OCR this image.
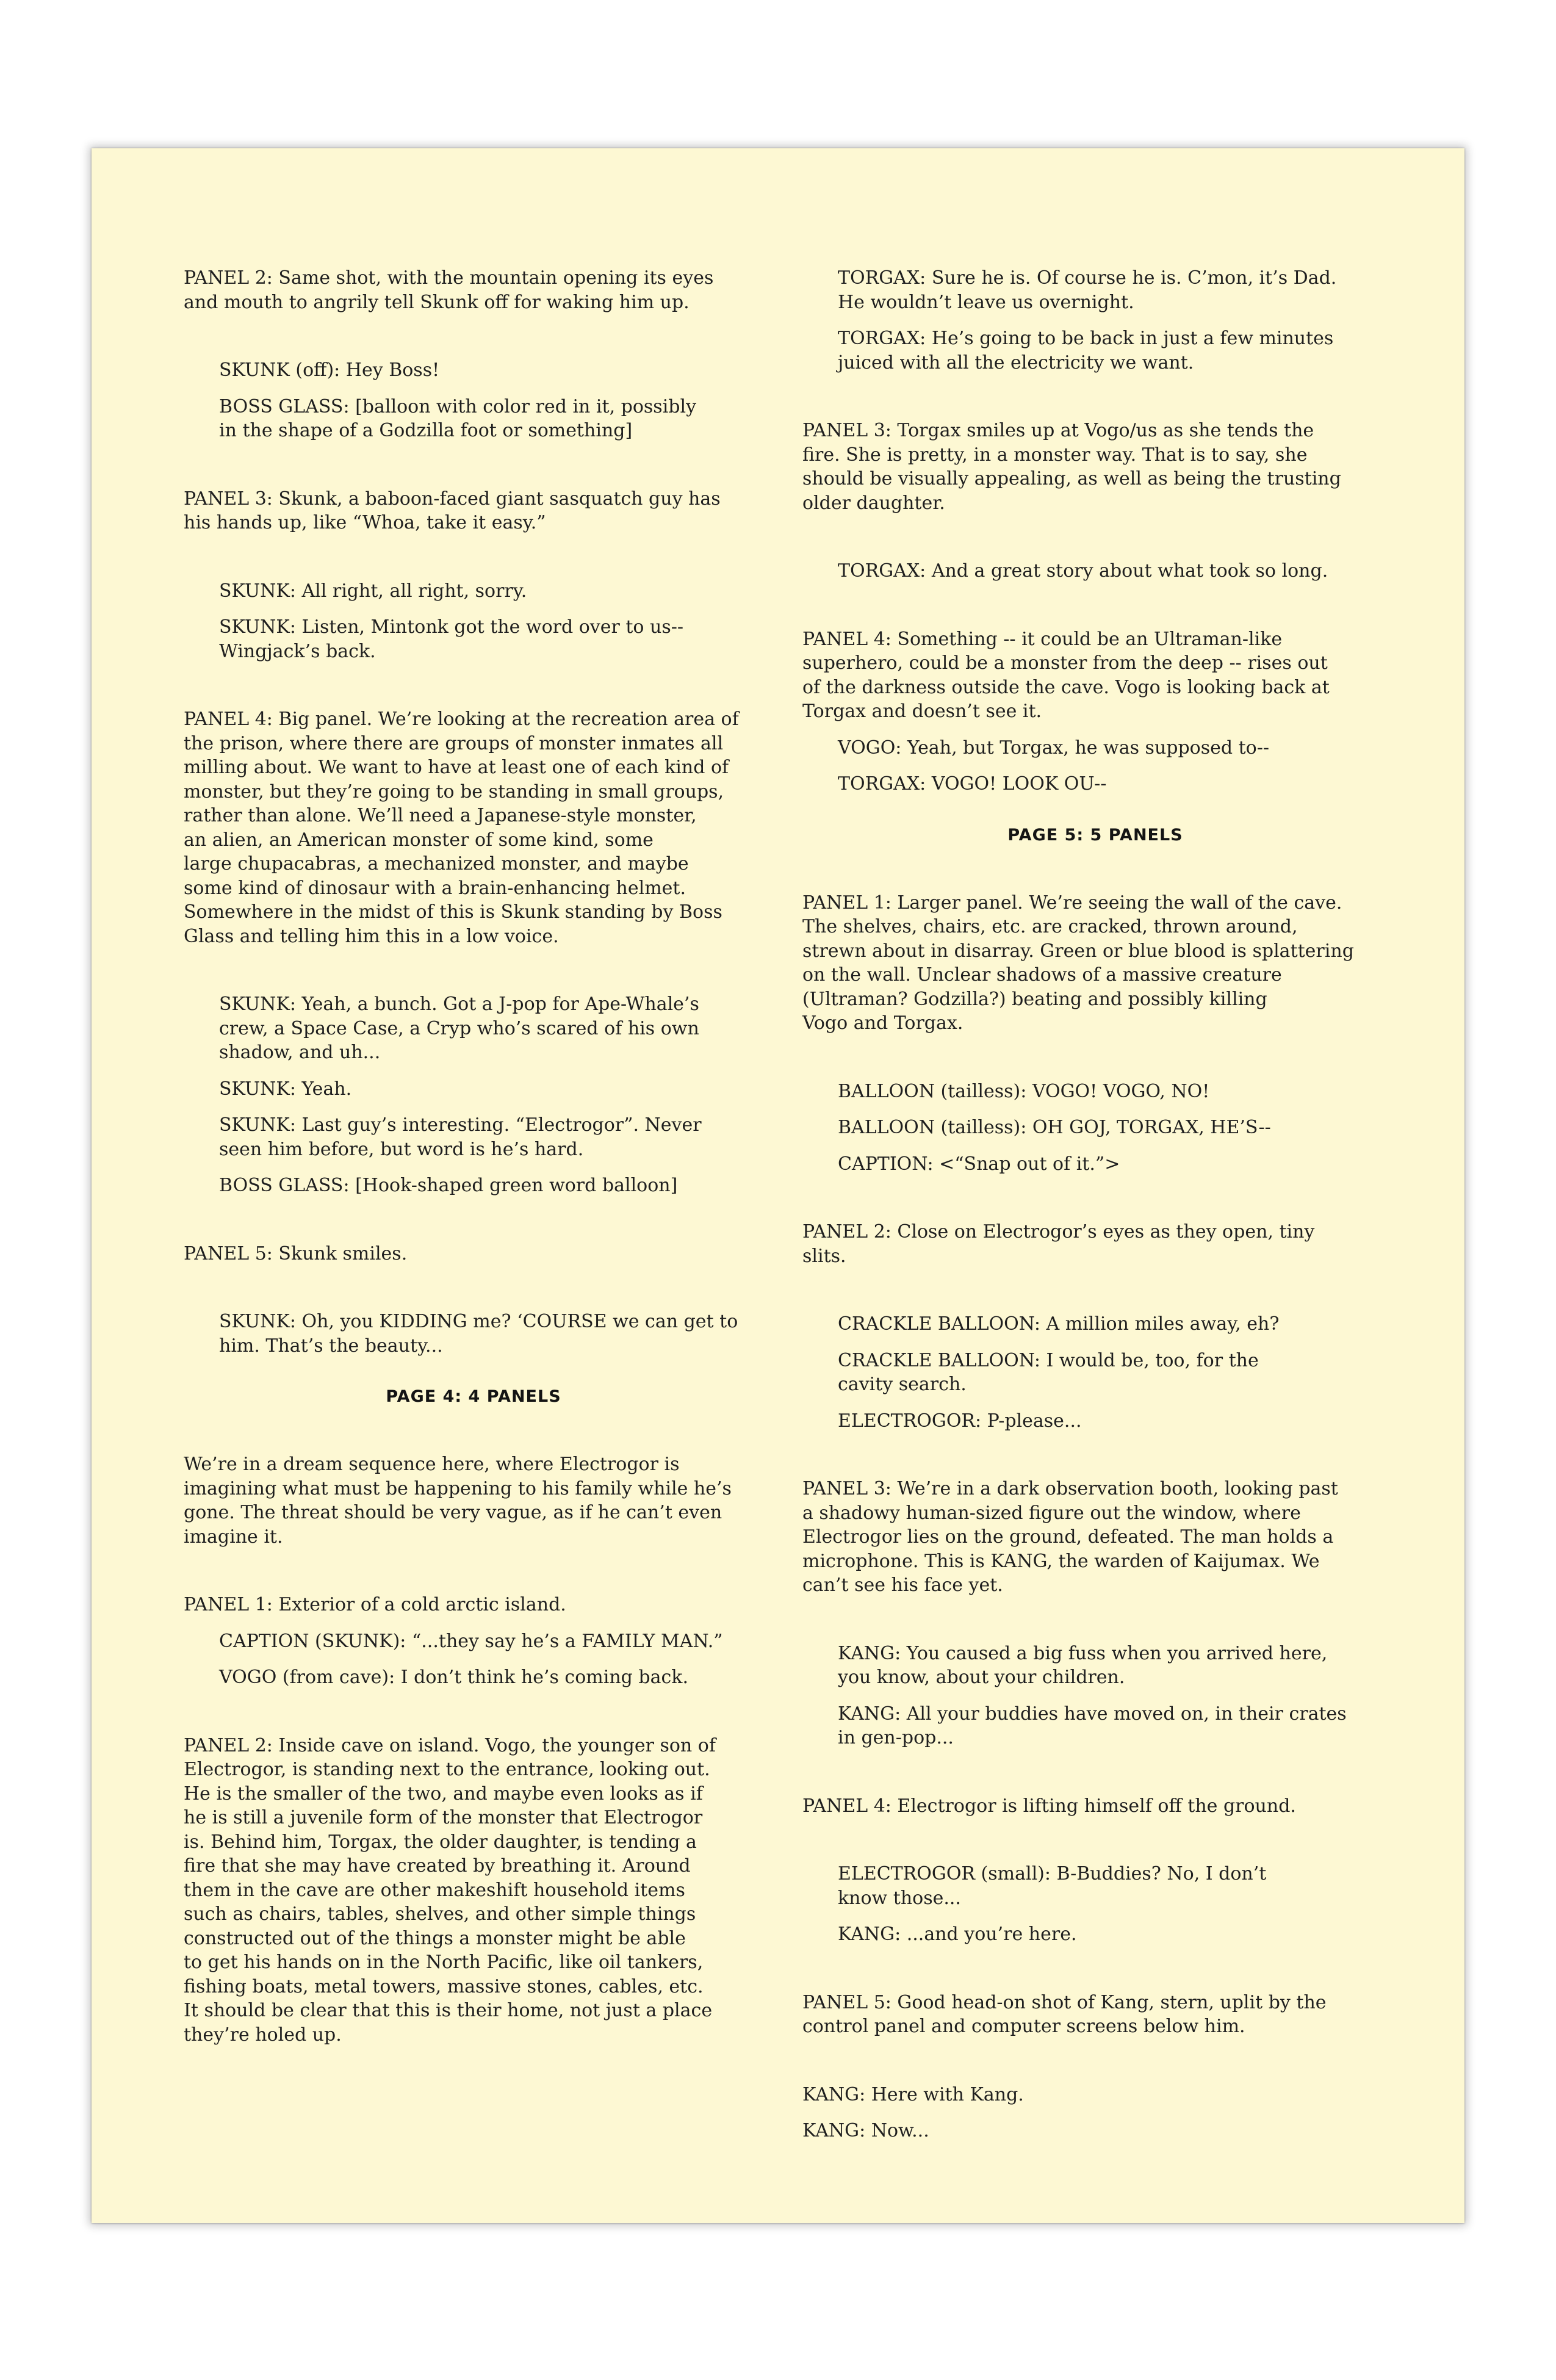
PANEL 2: Same shot, with the mountain opening its eyes
and mouth to angrily tell Skunk off for waking him up.

SKUNK (off): Hey Boss!

BOSS GLASS: [balloon with color red in it, possibly
in the shape of a Godzilla foot or something]

PANEL 3: Skunk, a baboon-faced giant sasquatch guy has
his hands up, like “Whoa, take it easy.”

SKUNK: All right, all right, sorry.

SKUNK: Listen, Mintonk got the word over to us--
Wingjack’s back.

PANEL 4: Big panel. We’re looking at the recreation area of
the prison, where there are groups of monster inmates all
milling about. We want to have at least one of each kind of
monster, but they’re going to be standing in small groups,
rather than alone. We’ll need a Japanese-style monster,
an alien, an American monster of some kind, some
large chupacabras, a mechanized monster, and maybe
some kind of dinosaur with a brain-enhancing helmet.
Somewhere in the midst of this is Skunk standing by Boss
Glass and telling him this in a low voice.

SKUNK: Yeah, a bunch. Got a J-pop for Ape-Whale’s
crew, a Space Case, a Cryp who’s scared of his own
shadow, and uh...

SKUNK: Yeah.

SKUNK: Last guy’s interesting. “Electrogor”. Never
seen him before, but word is he’s hard.

BOSS GLASS: [Hook-shaped green word balloon]

PANEL 5: Skunk smiles.

SKUNK: Oh, you KIDDING me? ‘COURSE we can get to
him. That’s the beauty...

PAGE 4: 4 PANELS

We’re in a dream sequence here, where Electrogor is
imagining what must be happening to his family while he’s
gone. The threat should be very vague, as if he can’t even
imagine it.

PANEL 1: Exterior of a cold arctic island.

CAPTION (SKUNK): “...they say he’s a FAMILY MAN.”

VOGO (from cave): I don’t think he’s coming back.

PANEL 2: Inside cave on island. Vogo, the younger son of
Electrogor, is standing next to the entrance, looking out.
He is the smaller of the two, and maybe even looks as if
he is still a juvenile form of the monster that Electrogor
is. Behind him, Torgax, the older daughter, is tending a
fire that she may have created by breathing it. Around
them in the cave are other makeshift household items
such as chairs, tables, shelves, and other simple things
constructed out of the things a monster might be able
to get his hands on in the North Pacific, like oil tankers,
fishing boats, metal towers, massive stones, cables, etc.
It should be clear that this is their home, not just a place
they’re holed up.

TORGAX: Sure he is. Of course he is. C’mon, it’s Dad.
He wouldn’t leave us overnight.

TORGAX: He’s going to be back in just a few minutes
juiced with all the electricity we want.

PANEL 3: Torgax smiles up at Vogo/us as she tends the
fire. She is pretty, in a monster way. That is to say, she
should be visually appealing, as well as being the trusting
older daughter.

TORGAX: And a great story about what took so long.

PANEL 4: Something -- it could be an Ultraman-like
superhero, could be a monster from the deep -- rises out
of the darkness outside the cave. Vogo is looking back at
Torgax and doesn’t see it.

VOGO: Yeah, but Torgax, he was supposed to--

TORGAX: VOGO! LOOK OU--

PAGE 5: 5 PANELS

PANEL 1: Larger panel. We’re seeing the wall of the cave.
The shelves, chairs, etc. are cracked, thrown around,
strewn about in disarray. Green or blue blood is splattering
on the wall. Unclear shadows of a massive creature
(Ultraman? Godzilla?) beating and possibly killing
Vogo and Torgax.

BALLOON (tailless): VOGO! VOGO, NO!

BALLOON (tailless): OH GOJ, TORGAX, HE’S--

CAPTION: <“Snap out of it.”>

PANEL 2: Close on Electrogor’s eyes as they open, tiny
slits.

CRACKLE BALLOON: A million miles away, eh?

CRACKLE BALLOON: I would be, too, for the
cavity search.

ELECTROGOR: P-please...

PANEL 3: We’re in a dark observation booth, looking past
a shadowy human-sized figure out the window, where
Electrogor lies on the ground, defeated. The man holds a
microphone. This is KANG, the warden of Kaijumax. We
can’t see his face yet.

KANG: You caused a big fuss when you arrived here,
you know, about your children.

KANG: All your buddies have moved on, in their crates
in gen-pop...

PANEL 4: Electrogor is lifting himself off the ground.

ELECTROGOR (small): B-Buddies? No, I don’t
know those...

KANG: ...and you’re here.

PANEL 5: Good head-on shot of Kang, stern, uplit by the
control panel and computer screens below him.

KANG: Here with Kang.

KANG: Now...
